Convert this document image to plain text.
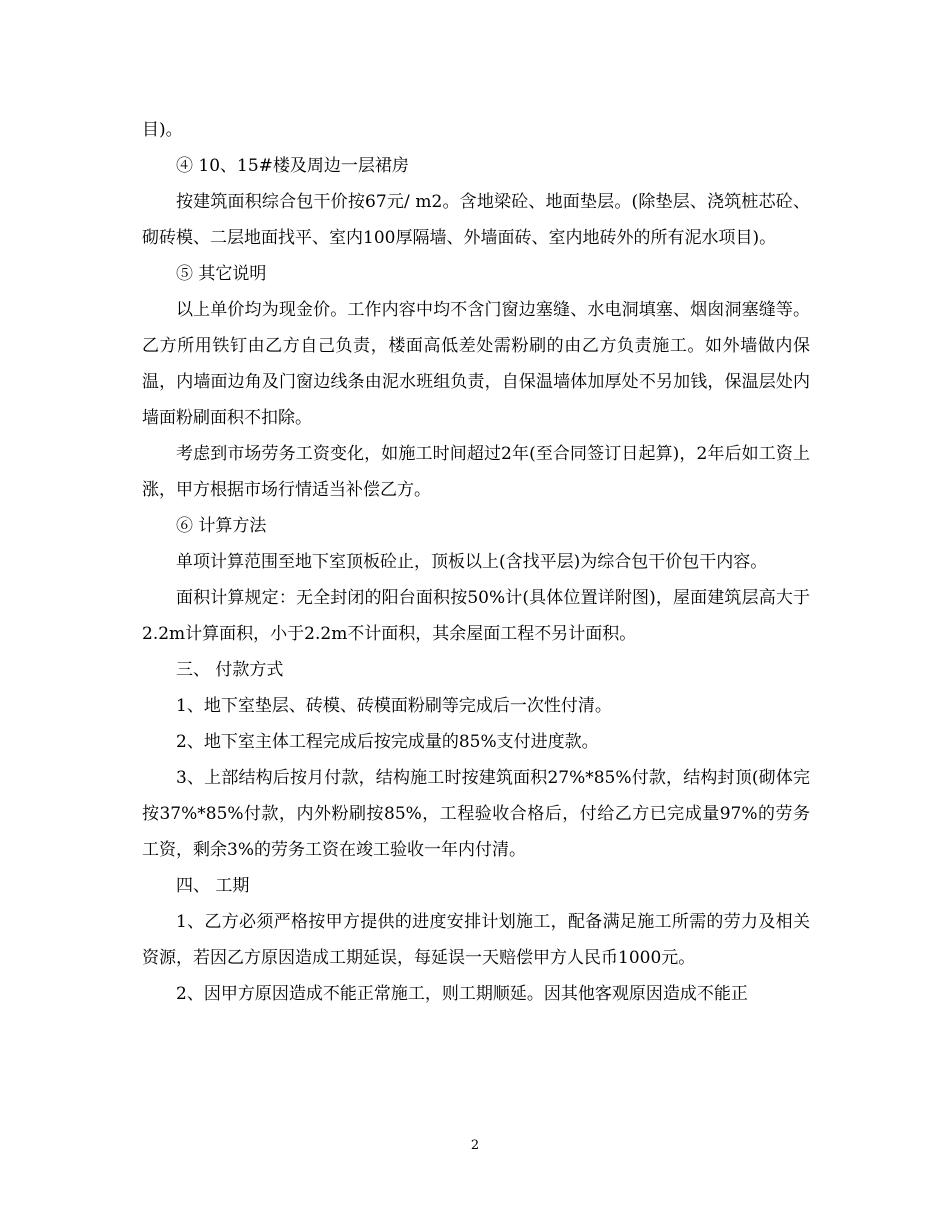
目)。

④ 10、15#楼及周边一层裙房

按建筑面积综合包干价按67元/ m2。含地梁砼、地面垫层。(除垫层、浇筑桩芯砼、砌砖模、二层地面找平、室内100厚隔墙、外墙面砖、室内地砖外的所有泥水项目)。

⑤ 其它说明

以上单价均为现金价。工作内容中均不含门窗边塞缝、水电洞填塞、烟囱洞塞缝等。乙方所用铁钉由乙方自己负责，楼面高低差处需粉刷的由乙方负责施工。如外墙做内保温，内墙面边角及门窗边线条由泥水班组负责，自保温墙体加厚处不另加钱，保温层处内墙面粉刷面积不扣除。

考虑到市场劳务工资变化，如施工时间超过2年(至合同签订日起算)，2年后如工资上涨，甲方根据市场行情适当补偿乙方。

⑥ 计算方法

单项计算范围至地下室顶板砼止，顶板以上(含找平层)为综合包干价包干内容。

面积计算规定：无全封闭的阳台面积按50%计(具体位置详附图)，屋面建筑层高大于2.2m计算面积，小于2.2m不计面积，其余屋面工程不另计面积。

三、 付款方式

1、地下室垫层、砖模、砖模面粉刷等完成后一次性付清。

2、地下室主体工程完成后按完成量的85%支付进度款。

3、上部结构后按月付款，结构施工时按建筑面积27%*85%付款，结构封顶(砌体完按37%*85%付款，内外粉刷按85%，工程验收合格后，付给乙方已完成量97%的劳务工资，剩余3%的劳务工资在竣工验收一年内付清。

四、 工期

1、乙方必须严格按甲方提供的进度安排计划施工，配备满足施工所需的劳力及相关资源，若因乙方原因造成工期延误，每延误一天赔偿甲方人民币1000元。

2、因甲方原因造成不能正常施工，则工期顺延。因其他客观原因造成不能正

2
